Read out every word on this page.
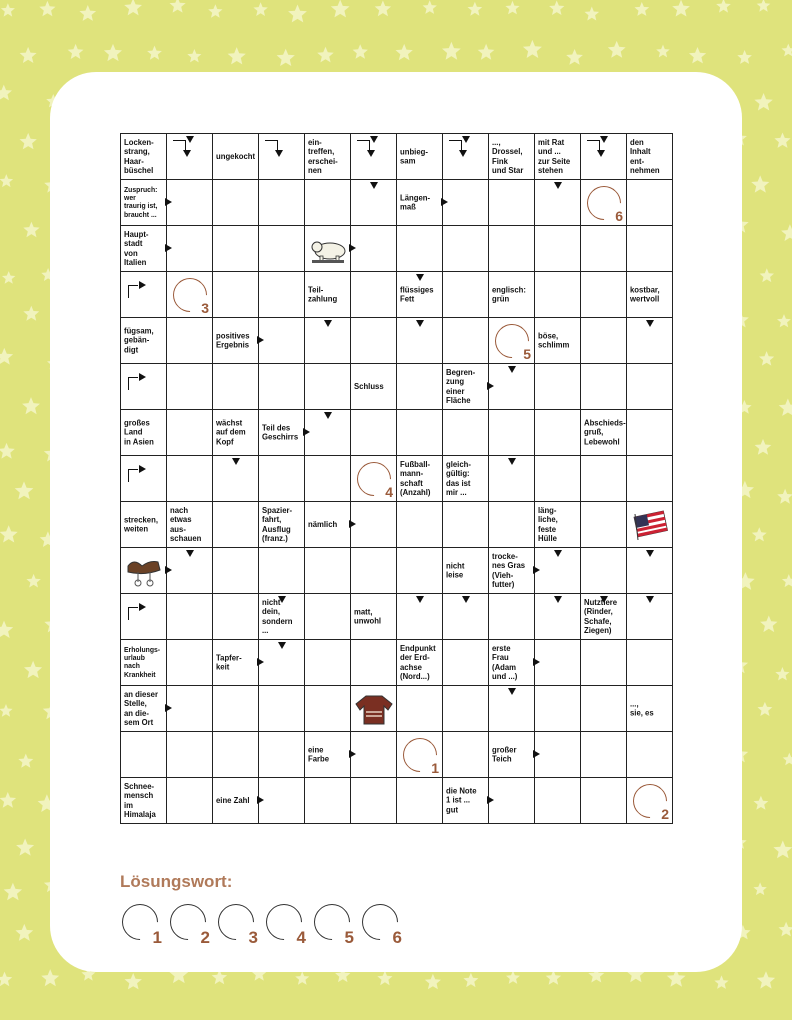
Locken-
strang,
Haar-
büschel
ungekocht
ein-
treffen,
erschei-
nen
unbieg-
sam
...,
Drossel,
Fink
und Star
mit Rat
und ...
zur Seite
stehen
den
Inhalt
ent-
nehmen
Zuspruch:
wer
traurig ist,
braucht ...
Längen-
maß
6
Haupt-
stadt
von
Italien
3
Teil-
zahlung
flüssiges
Fett
englisch:
grün
kostbar,
wertvoll
fügsam,
gebän-
digt
positives
Ergebnis
5
böse,
schlimm
Schluss
Begren-
zung
einer
Fläche
großes
Land
in Asien
wächst
auf dem
Kopf
Teil des
Geschirrs
Abschieds-
gruß,
Lebewohl
4
Fußball-
mann-
schaft
(Anzahl)
gleich-
gültig:
das ist
mir ...
strecken,
weiten
nach
etwas
aus-
schauen
Spazier-
fahrt,
Ausflug
(franz.)
nämlich
läng-
liche,
feste
Hülle
nicht
leise
trocke-
nes Gras
(Vieh-
futter)
nicht
dein,
sondern
...
matt,
unwohl
Nutztiere
(Rinder,
Schafe,
Ziegen)
Erholungs-
urlaub
nach
Krankheit
Tapfer-
keit
Endpunkt
der Erd-
achse
(Nord...)
erste
Frau
(Adam
und ...)
an dieser
Stelle,
an die-
sem Ort
...,
sie, es
eine
Farbe
1
großer
Teich
Schnee-
mensch
im
Himalaja
eine Zahl
die Note
1 ist ...
gut	2
Lösungswort:
1 2 3 4 5 6
